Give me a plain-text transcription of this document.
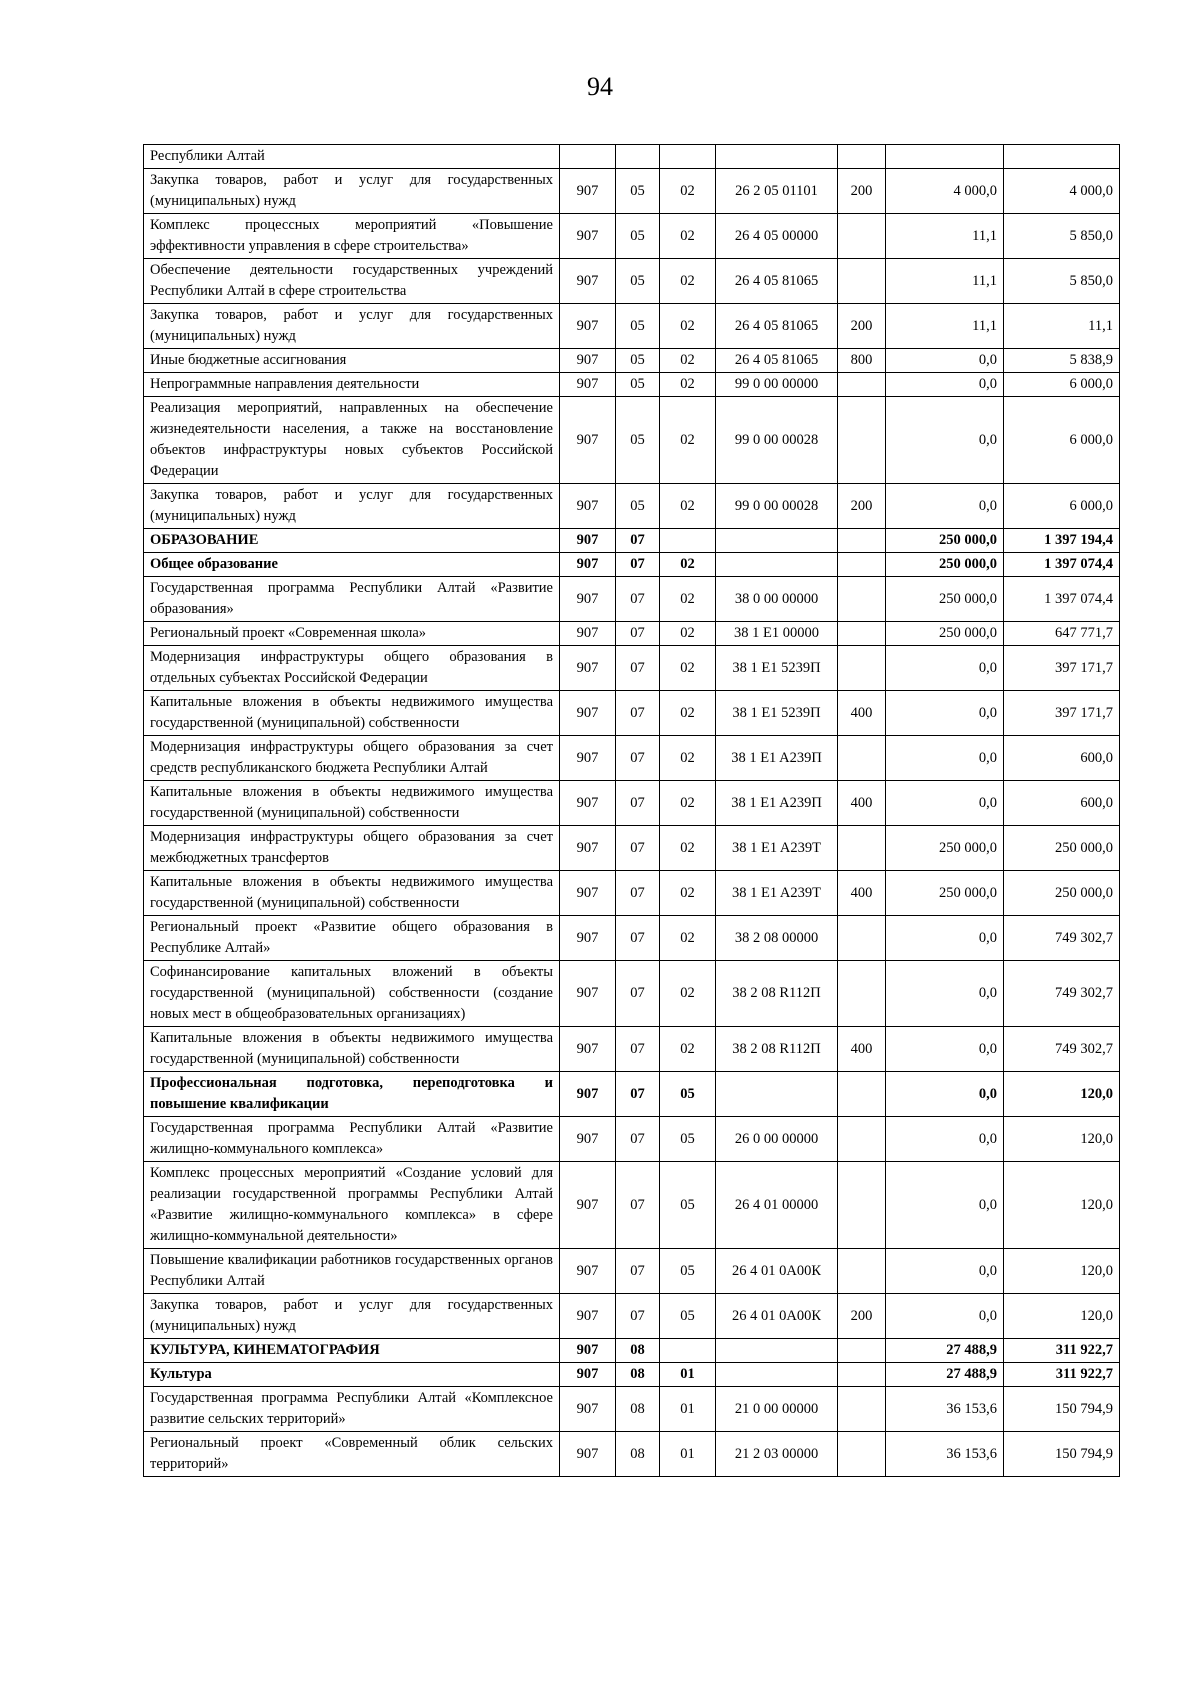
94
Республики Алтай							
Закупка товаров, работ и услуг для государственных (муниципальных) нужд	907	05	02	26 2 05 01101	200	4 000,0	4 000,0
Комплекс процессных мероприятий «Повышение эффективности управления в сфере строительства»	907	05	02	26 4 05 00000		11,1	5 850,0
Обеспечение деятельности государственных учреждений Республики Алтай в сфере строительства	907	05	02	26 4 05 81065		11,1	5 850,0
Закупка товаров, работ и услуг для государственных (муниципальных) нужд	907	05	02	26 4 05 81065	200	11,1	11,1
Иные бюджетные ассигнования	907	05	02	26 4 05 81065	800	0,0	5 838,9
Непрограммные направления деятельности	907	05	02	99 0 00 00000		0,0	6 000,0
Реализация мероприятий, направленных на обеспечение жизнедеятельности населения, а также на восстановление объектов инфраструктуры новых субъектов Российской Федерации	907	05	02	99 0 00 00028		0,0	6 000,0
Закупка товаров, работ и услуг для государственных (муниципальных) нужд	907	05	02	99 0 00 00028	200	0,0	6 000,0
ОБРАЗОВАНИЕ	907	07				250 000,0	1 397 194,4
Общее образование	907	07	02			250 000,0	1 397 074,4
Государственная программа Республики Алтай «Развитие образования»	907	07	02	38 0 00 00000		250 000,0	1 397 074,4
Региональный проект «Современная школа»	907	07	02	38 1 E1 00000		250 000,0	647 771,7
Модернизация инфраструктуры общего образования в отдельных субъектах Российской Федерации	907	07	02	38 1 E1 5239П		0,0	397 171,7
Капитальные вложения в объекты недвижимого имущества государственной (муниципальной) собственности	907	07	02	38 1 E1 5239П	400	0,0	397 171,7
Модернизация инфраструктуры общего образования за счет средств республиканского бюджета Республики Алтай	907	07	02	38 1 E1 A239П		0,0	600,0
Капитальные вложения в объекты недвижимого имущества государственной (муниципальной) собственности	907	07	02	38 1 E1 A239П	400	0,0	600,0
Модернизация инфраструктуры общего образования за счет межбюджетных трансфертов	907	07	02	38 1 E1 A239Т		250 000,0	250 000,0
Капитальные вложения в объекты недвижимого имущества государственной (муниципальной) собственности	907	07	02	38 1 E1 A239Т	400	250 000,0	250 000,0
Региональный проект «Развитие общего образования в Республике Алтай»	907	07	02	38 2 08 00000		0,0	749 302,7
Софинансирование капитальных вложений в объекты государственной (муниципальной) собственности (создание новых мест в общеобразовательных организациях)	907	07	02	38 2 08 R112П		0,0	749 302,7
Капитальные вложения в объекты недвижимого имущества государственной (муниципальной) собственности	907	07	02	38 2 08 R112П	400	0,0	749 302,7
Профессиональная подготовка, переподготовка и повышение квалификации	907	07	05			0,0	120,0
Государственная программа Республики Алтай «Развитие жилищно-коммунального комплекса»	907	07	05	26 0 00 00000		0,0	120,0
Комплекс процессных мероприятий «Создание условий для реализации государственной программы Республики Алтай «Развитие жилищно-коммунального комплекса» в сфере жилищно-коммунальной деятельности»	907	07	05	26 4 01 00000		0,0	120,0
Повышение квалификации работников государственных органов Республики Алтай	907	07	05	26 4 01 0A00К		0,0	120,0
Закупка товаров, работ и услуг для государственных (муниципальных) нужд	907	07	05	26 4 01 0A00К	200	0,0	120,0
КУЛЬТУРА, КИНЕМАТОГРАФИЯ	907	08				27 488,9	311 922,7
Культура	907	08	01			27 488,9	311 922,7
Государственная программа Республики Алтай «Комплексное развитие сельских территорий»	907	08	01	21 0 00 00000		36 153,6	150 794,9
Региональный проект «Современный облик сельских территорий»	907	08	01	21 2 03 00000		36 153,6	150 794,9
